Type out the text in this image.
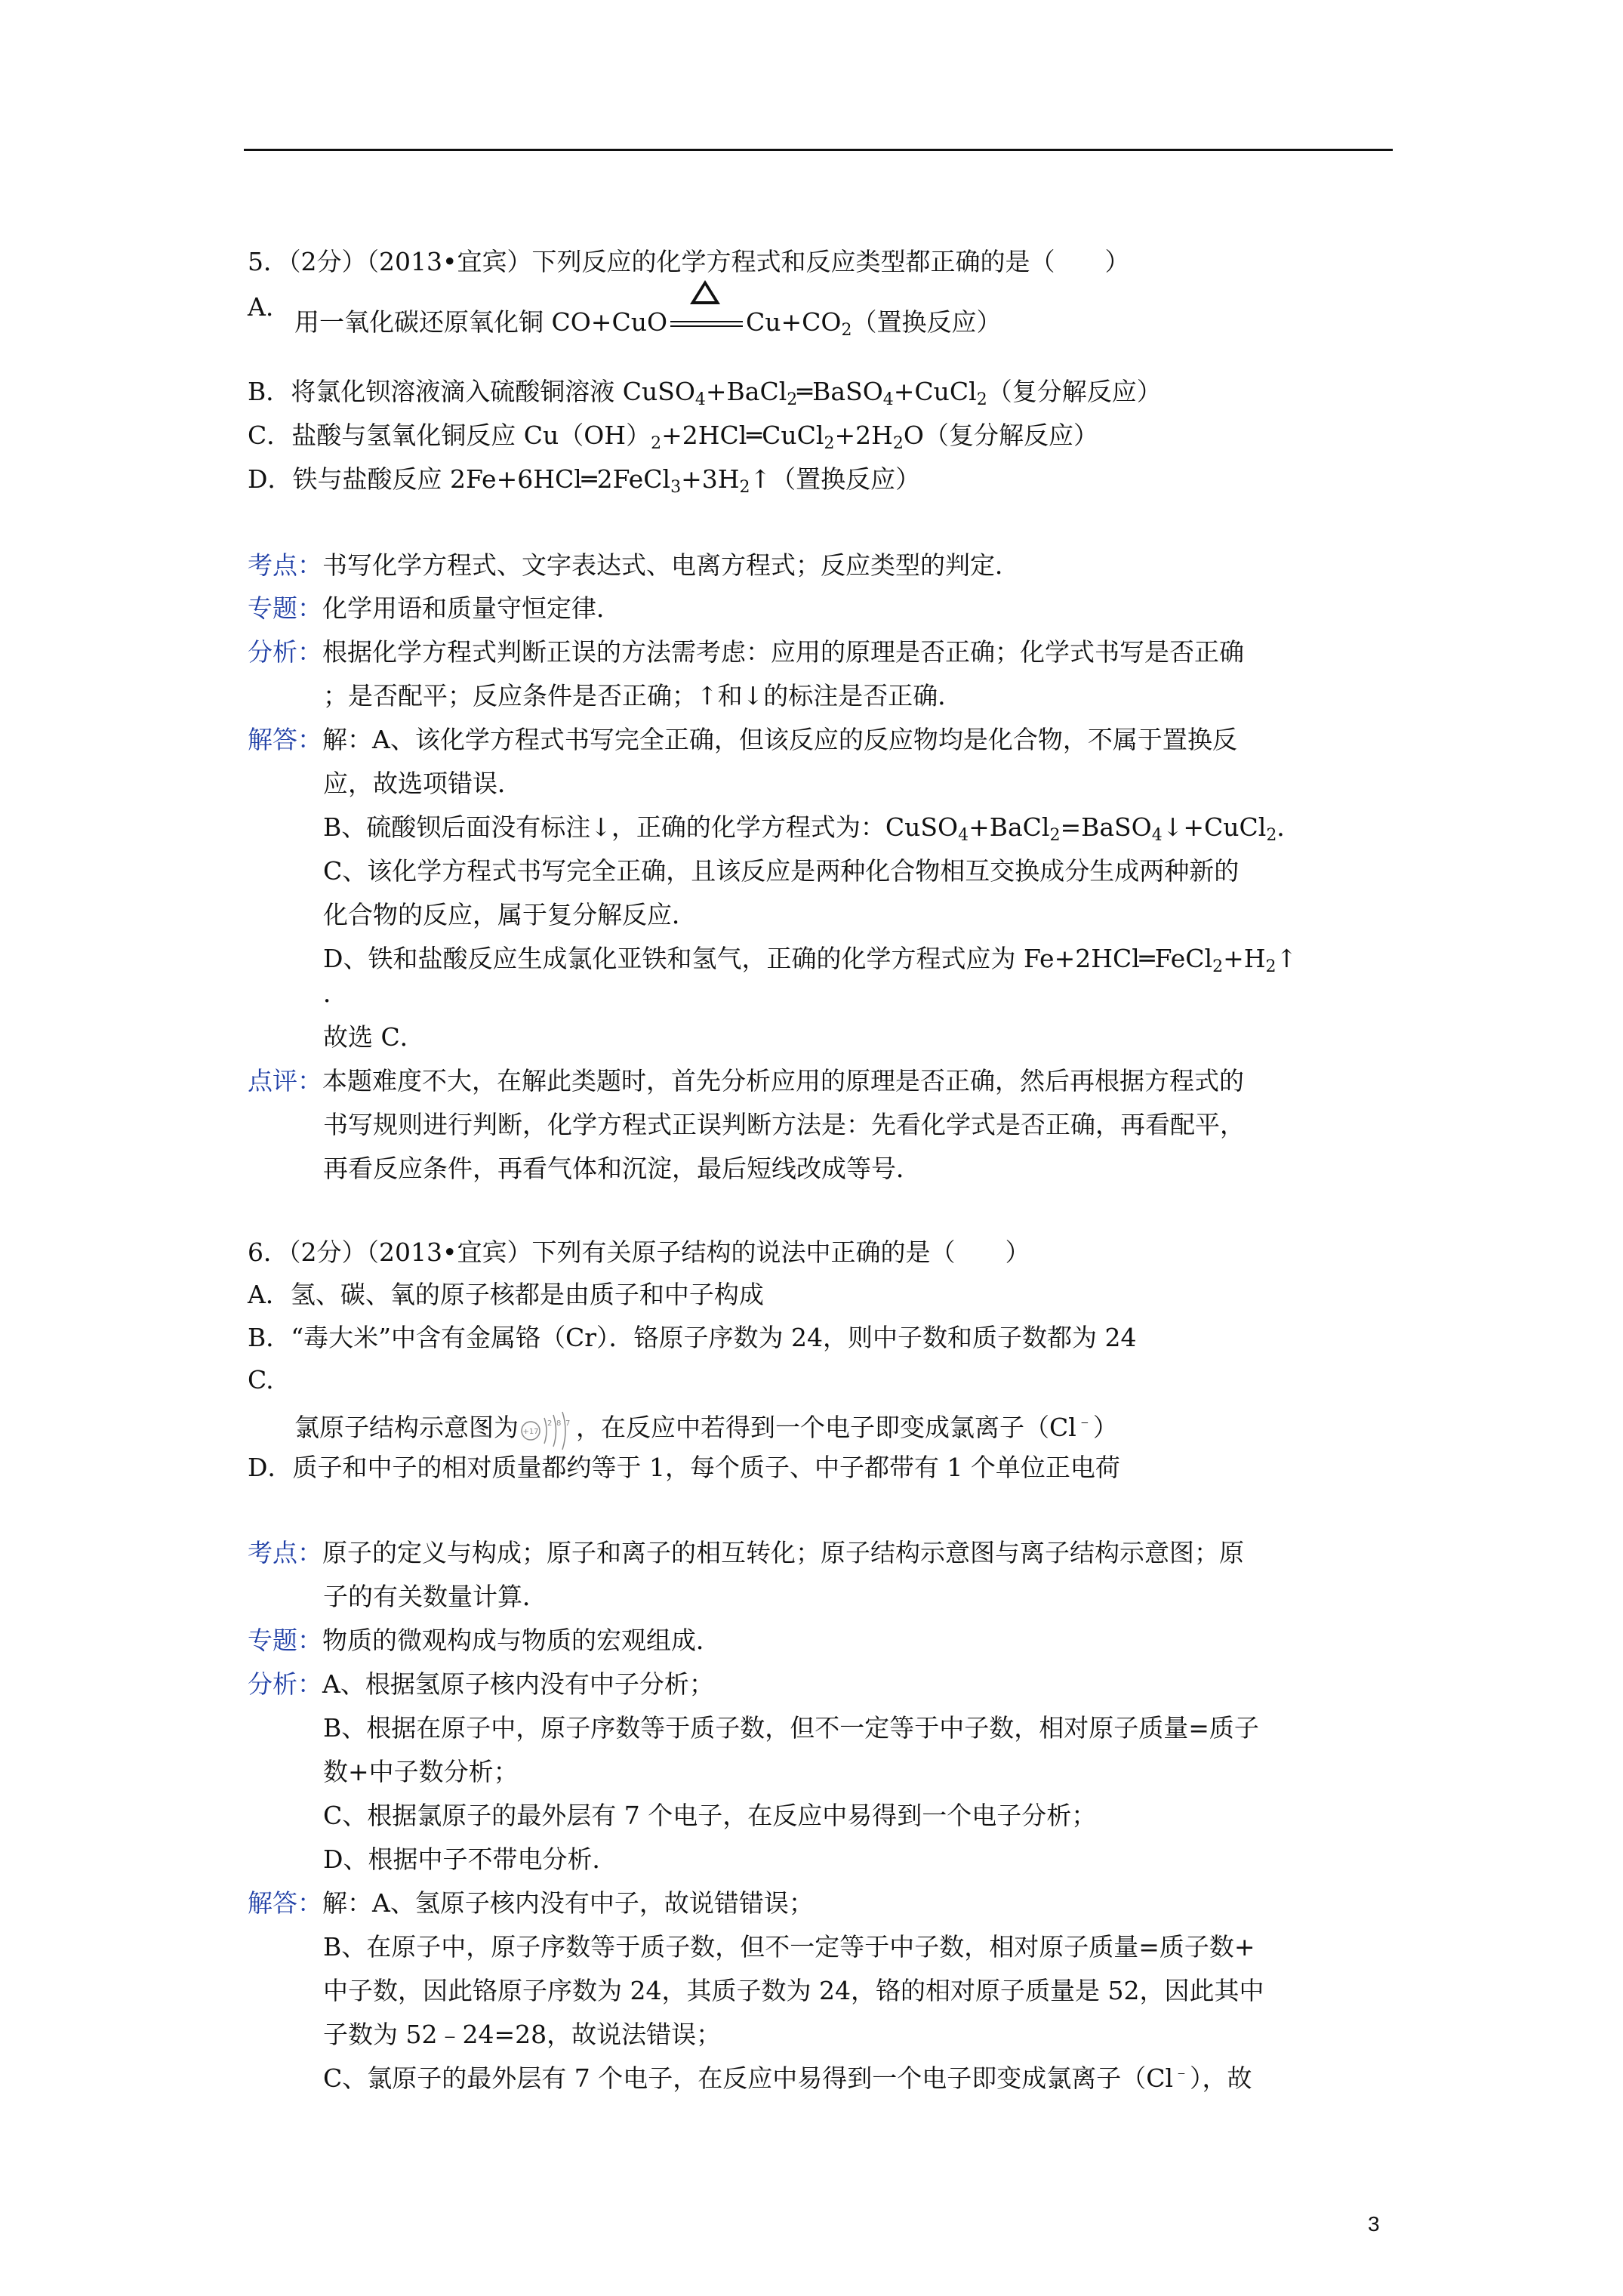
5．（2分）（2013•宜宾）下列反应的化学方程式和反应类型都正确的是（　　）
A.
用一氧化碳还原氧化铜 CO+CuO	$Cu+CO_2$（置换反应）
B．将氯化钡溶液滴入硫酸铜溶液 CuSO$_4$+BaCl$_2$═BaSO$_4$+CuCl$_2$（复分解反应）
C．盐酸与氢氧化铜反应 $Cu(OH)_2+2HCl═CuCl_2+2H_2O$（复分解反应）
D．铁与盐酸反应 $2Fe+6HCl═2FeCl_3+3H_2↑$（置换反应）
考点：书写化学方程式、文字表达式、电离方程式；反应类型的判定．
专题：化学用语和质量守恒定律．
分析：根据化学方程式判断正误的方法需考虑：应用的原理是否正确；化学式书写是否正确
；是否配平；反应条件是否正确；↑和↓的标注是否正确．
解答：解：A、该化学方程式书写完全正确，但该反应的反应物均是化合物，不属于置换反
应，故选项错误．
B、硫酸钡后面没有标注↓，正确的化学方程式为：CuSO$_4$+BaCl$_2$=BaSO$_4$↓+CuCl$_2$．
C、该化学方程式书写完全正确，且该反应是两种化合物相互交换成分生成两种新的
化合物的反应，属于复分解反应．
D、铁和盐酸反应生成氯化亚铁和氢气，正确的化学方程式应为 $Fe+2HCl═FeCl_2+H_2↑$
．
故选 C．
点评：本题难度不大，在解此类题时，首先分析应用的原理是否正确，然后再根据方程式的
书写规则进行判断，化学方程式正误判断方法是：先看化学式是否正确，再看配平，
再看反应条件，再看气体和沉淀，最后短线改成等号．
6．（2分）（2013•宜宾）下列有关原子结构的说法中正确的是（　　）
A．氢、碳、氧的原子核都是由质子和中子构成
B．“毒大米”中含有金属铬（Cr）．铬原子序数为 24，则中子数和质子数都为 24
C.
氯原子结构示意图为 +17
2 8 7 ，在反应中若得到一个电子即变成氯离子（Cl﹣）
D．质子和中子的相对质量都约等于 1，每个质子、中子都带有 1 个单位正电荷
考点：原子的定义与构成；原子和离子的相互转化；原子结构示意图与离子结构示意图；原
子的有关数量计算．
专题：物质的微观构成与物质的宏观组成．
分析：A、根据氢原子核内没有中子分析；
B、根据在原子中，原子序数等于质子数，但不一定等于中子数，相对原子质量=质子
数+中子数分析；
C、根据氯原子的最外层有 7 个电子，在反应中易得到一个电子分析；
D、根据中子不带电分析．
解答：解：A、氢原子核内没有中子，故说错错误；
B、在原子中，原子序数等于质子数，但不一定等于中子数，相对原子质量=质子数+
中子数，因此铬原子序数为 24，其质子数为 24，铬的相对原子质量是 52，因此其中
子数为 52﹣24=28，故说法错误；
C、氯原子的最外层有 7 个电子，在反应中易得到一个电子即变成氯离子（Cl﹣），故
3
